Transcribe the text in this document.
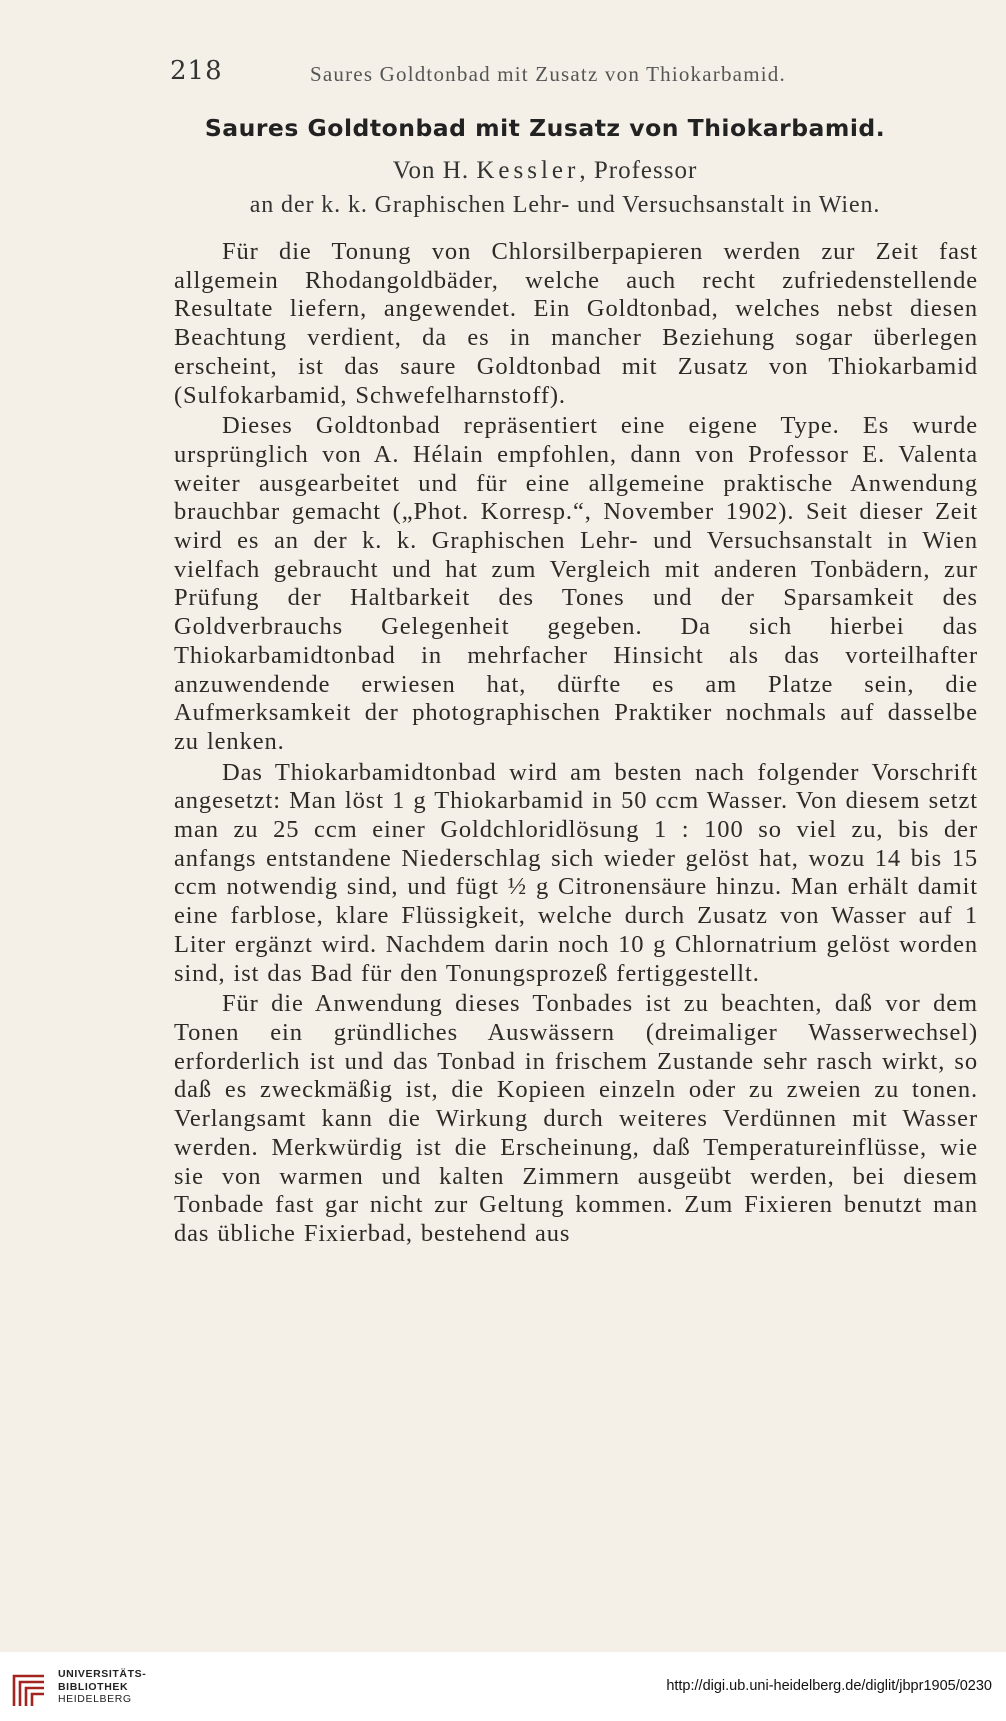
218	Saures Goldtonbad mit Zusatz von Thiokarbamid.
Saures Goldtonbad mit Zusatz von Thiokarbamid.
Von H. Kessler, Professor
an der k. k. Graphischen Lehr- und Versuchsanstalt in Wien.

Für die Tonung von Chlorsilberpapieren werden zur Zeit fast allgemein Rhodangoldbäder, welche auch recht zufriedenstellende Resultate liefern, angewendet. Ein Goldtonbad, welches nebst diesen Beachtung verdient, da es in mancher Beziehung sogar überlegen erscheint, ist das saure Goldtonbad mit Zusatz von Thiokarbamid (Sulfokarbamid, Schwefelharnstoff).

Dieses Goldtonbad repräsentiert eine eigene Type. Es wurde ursprünglich von A. Hélain empfohlen, dann von Professor E. Valenta weiter ausgearbeitet und für eine allgemeine praktische Anwendung brauchbar gemacht („Phot. Korresp.“, November 1902). Seit dieser Zeit wird es an der k. k. Graphischen Lehr- und Versuchsanstalt in Wien vielfach gebraucht und hat zum Vergleich mit anderen Tonbädern, zur Prüfung der Haltbarkeit des Tones und der Sparsamkeit des Goldverbrauchs Gelegenheit gegeben. Da sich hierbei das Thiokarbamidtonbad in mehrfacher Hinsicht als das vorteilhafter anzuwendende erwiesen hat, dürfte es am Platze sein, die Aufmerksamkeit der photographischen Praktiker nochmals auf dasselbe zu lenken.

Das Thiokarbamidtonbad wird am besten nach folgender Vorschrift angesetzt: Man löst 1 g Thiokarbamid in 50 ccm Wasser. Von diesem setzt man zu 25 ccm einer Goldchloridlösung 1 : 100 so viel zu, bis der anfangs entstandene Niederschlag sich wieder gelöst hat, wozu 14 bis 15 ccm notwendig sind, und fügt ½ g Citronensäure hinzu. Man erhält damit eine farblose, klare Flüssigkeit, welche durch Zusatz von Wasser auf 1 Liter ergänzt wird. Nachdem darin noch 10 g Chlornatrium gelöst worden sind, ist das Bad für den Tonungsprozeß fertiggestellt.

Für die Anwendung dieses Tonbades ist zu beachten, daß vor dem Tonen ein gründliches Auswässern (dreimaliger Wasserwechsel) erforderlich ist und das Tonbad in frischem Zustande sehr rasch wirkt, so daß es zweckmäßig ist, die Kopieen einzeln oder zu zweien zu tonen. Verlangsamt kann die Wirkung durch weiteres Verdünnen mit Wasser werden. Merkwürdig ist die Erscheinung, daß Temperatureinflüsse, wie sie von warmen und kalten Zimmern ausgeübt werden, bei diesem Tonbade fast gar nicht zur Geltung kommen. Zum Fixieren benutzt man das übliche Fixierbad, bestehend aus

UNIVERSITÄTS-
BIBLIOTHEK
HEIDELBERG
http://digi.ub.uni-heidelberg.de/diglit/jbpr1905/0230
